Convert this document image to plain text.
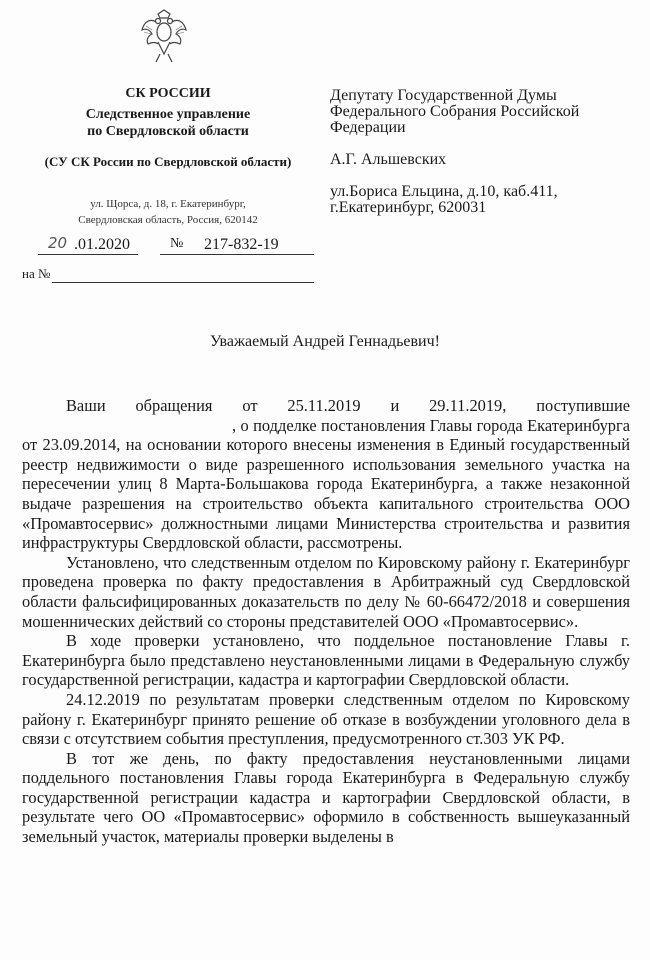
СК РОССИИ
Следственное управление
по Свердловской области
(СУ СК России по Свердловской области)
ул. Щорса, д. 18, г. Екатеринбург,
Свердловская область, Россия, 620142
20 .01.2020	№ 217-832-19
на №
Депутату Государственной Думы
Федерального Собрания Российской
Федерации
А.Г. Альшевских
ул.Бориса Ельцина, д.10, каб.411,
г.Екатеринбург, 620031
Уважаемый Андрей Геннадьевич!

Ваши обращения от 25.11.2019 и 29.11.2019, поступившие , о подделке постановления Главы города Екатеринбурга от 23.09.2014, на основании которого внесены изменения в Единый государственный реестр недвижимости о виде разрешенного использования земельного участка на пересечении улиц 8 Марта-Большакова города Екатеринбурга, а также незаконной выдаче разрешения на строительство объекта капитального строительства ООО «Промавтосервис» должностными лицами Министерства строительства и развития инфраструктуры Свердловской области, рассмотрены.

Установлено, что следственным отделом по Кировскому району г. Екатеринбург проведена проверка по факту предоставления в Арбитражный суд Свердловской области фальсифицированных доказательств по делу № 60-66472/2018 и совершения мошеннических действий со стороны представителей ООО «Промавтосервис».

В ходе проверки установлено, что поддельное постановление Главы г. Екатеринбурга было представлено неустановленными лицами в Федеральную службу государственной регистрации, кадастра и картографии Свердловской области.

24.12.2019 по результатам проверки следственным отделом по Кировскому району г. Екатеринбург принято решение об отказе в возбуждении уголовного дела в связи с отсутствием события преступления, предусмотренного ст.303 УК РФ.

В тот же день, по факту предоставления неустановленными лицами поддельного постановления Главы города Екатеринбурга в Федеральную службу государственной регистрации кадастра и картографии Свердловской области, в результате чего ОО «Промавтосервис» оформило в собственность вышеуказанный земельный участок, материалы проверки выделены в
